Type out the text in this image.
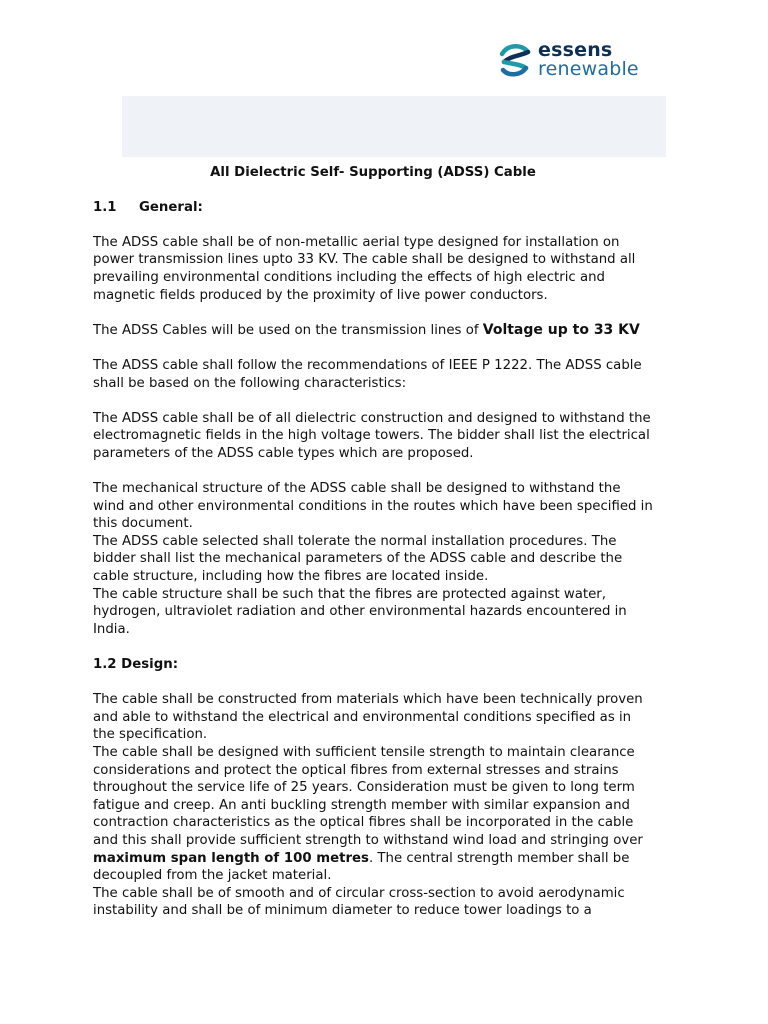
essens
renewable
All Dielectric Self- Supporting (ADSS) Cable
1.1 General:

The ADSS cable shall be of non-metallic aerial type designed for installation on power transmission lines upto 33 KV. The cable shall be designed to withstand all prevailing environmental conditions including the effects of high electric and magnetic fields produced by the proximity of live power conductors.

The ADSS Cables will be used on the transmission lines of Voltage up to 33 KV

The ADSS cable shall follow the recommendations of IEEE P 1222. The ADSS cable shall be based on the following characteristics:

The ADSS cable shall be of all dielectric construction and designed to withstand the electromagnetic fields in the high voltage towers. The bidder shall list the electrical parameters of the ADSS cable types which are proposed.

The mechanical structure of the ADSS cable shall be designed to withstand the wind and other environmental conditions in the routes which have been specified in this document.

The ADSS cable selected shall tolerate the normal installation procedures. The bidder shall list the mechanical parameters of the ADSS cable and describe the cable structure, including how the fibres are located inside.

The cable structure shall be such that the fibres are protected against water, hydrogen, ultraviolet radiation and other environmental hazards encountered in India.

1.2 Design:

The cable shall be constructed from materials which have been technically proven and able to withstand the electrical and environmental conditions specified as in the specification.

The cable shall be designed with sufficient tensile strength to maintain clearance considerations and protect the optical fibres from external stresses and strains throughout the service life of 25 years. Consideration must be given to long term fatigue and creep. An anti buckling strength member with similar expansion and contraction characteristics as the optical fibres shall be incorporated in the cable and this shall provide sufficient strength to withstand wind load and stringing over maximum span length of 100 metres. The central strength member shall be decoupled from the jacket material.

The cable shall be of smooth and of circular cross-section to avoid aerodynamic instability and shall be of minimum diameter to reduce tower loadings to a
